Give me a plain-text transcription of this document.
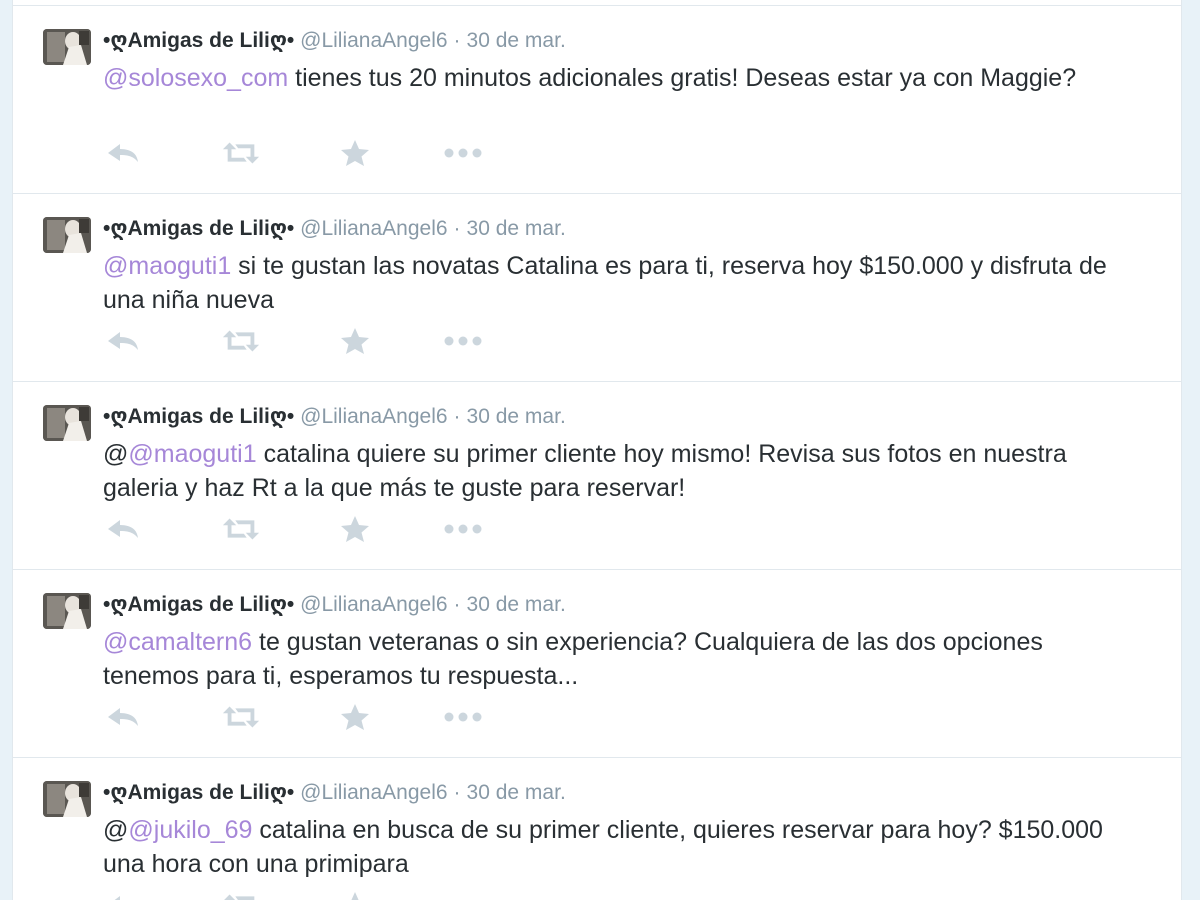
•ღAmigas de Liliღ• @LilianaAngel6 · 30 de mar.
@solosexo_com tienes tus 20 minutos adicionales gratis! Deseas estar ya con Maggie?
•ღAmigas de Liliღ• @LilianaAngel6 · 30 de mar.
@maoguti1 si te gustan las novatas Catalina es para ti, reserva hoy $150.000 y disfruta de una niña nueva
•ღAmigas de Liliღ• @LilianaAngel6 · 30 de mar.
@@maoguti1 catalina quiere su primer cliente hoy mismo! Revisa sus fotos en nuestra galeria y haz Rt a la que más te guste para reservar!
•ღAmigas de Liliღ• @LilianaAngel6 · 30 de mar.
@camaltern6 te gustan veteranas o sin experiencia? Cualquiera de las dos opciones tenemos para ti, esperamos tu respuesta...
•ღAmigas de Liliღ• @LilianaAngel6 · 30 de mar.
@@jukilo_69 catalina en busca de su primer cliente, quieres reservar para hoy? $150.000 una hora con una primipara
